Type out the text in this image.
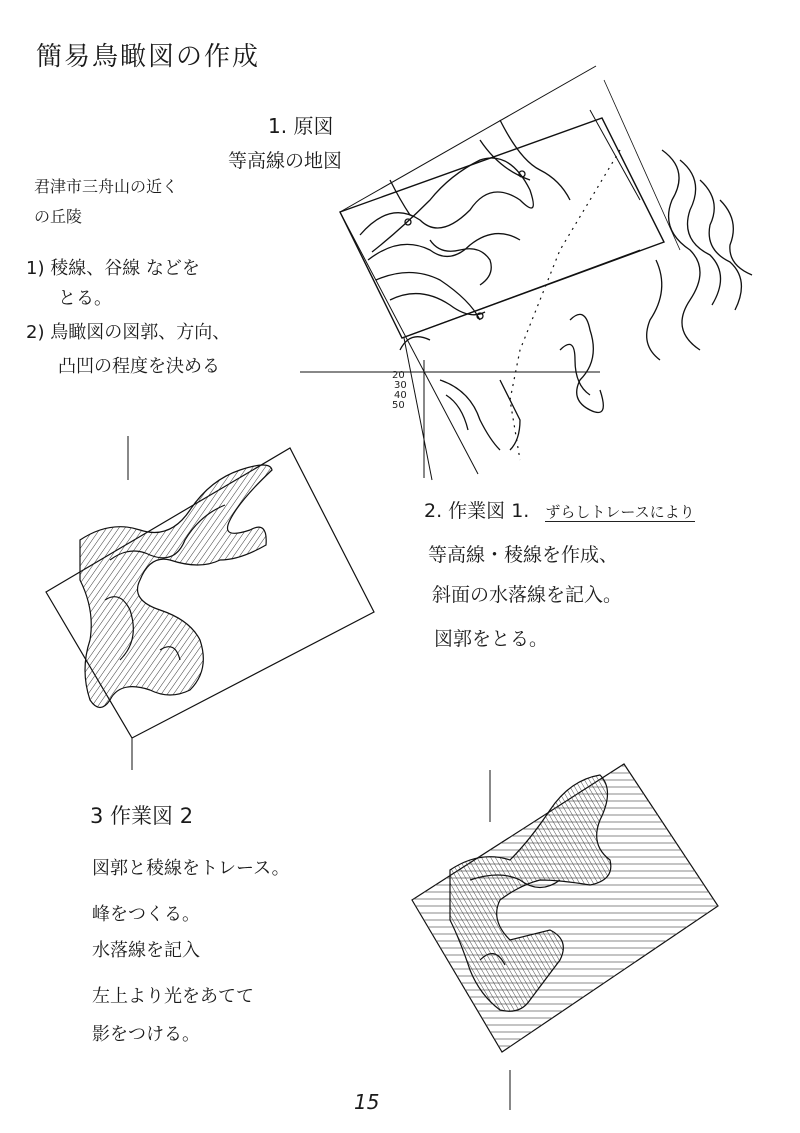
20
30
40
50
簡易鳥瞰図の作成
1. 原図
等高線の地図
君津市三舟山の近く
の丘陵
1) 稜線、谷線 などを
とる。
2) 鳥瞰図の図郭、方向、
凸凹の程度を決める
2. 作業図 1. ずらしトレースにより
等高線・稜線を作成、
斜面の水落線を記入。
図郭をとる。
3 作業図 2
図郭と稜線をトレース。
峰をつくる。
水落線を記入
左上より光をあてて
影をつける。
15
